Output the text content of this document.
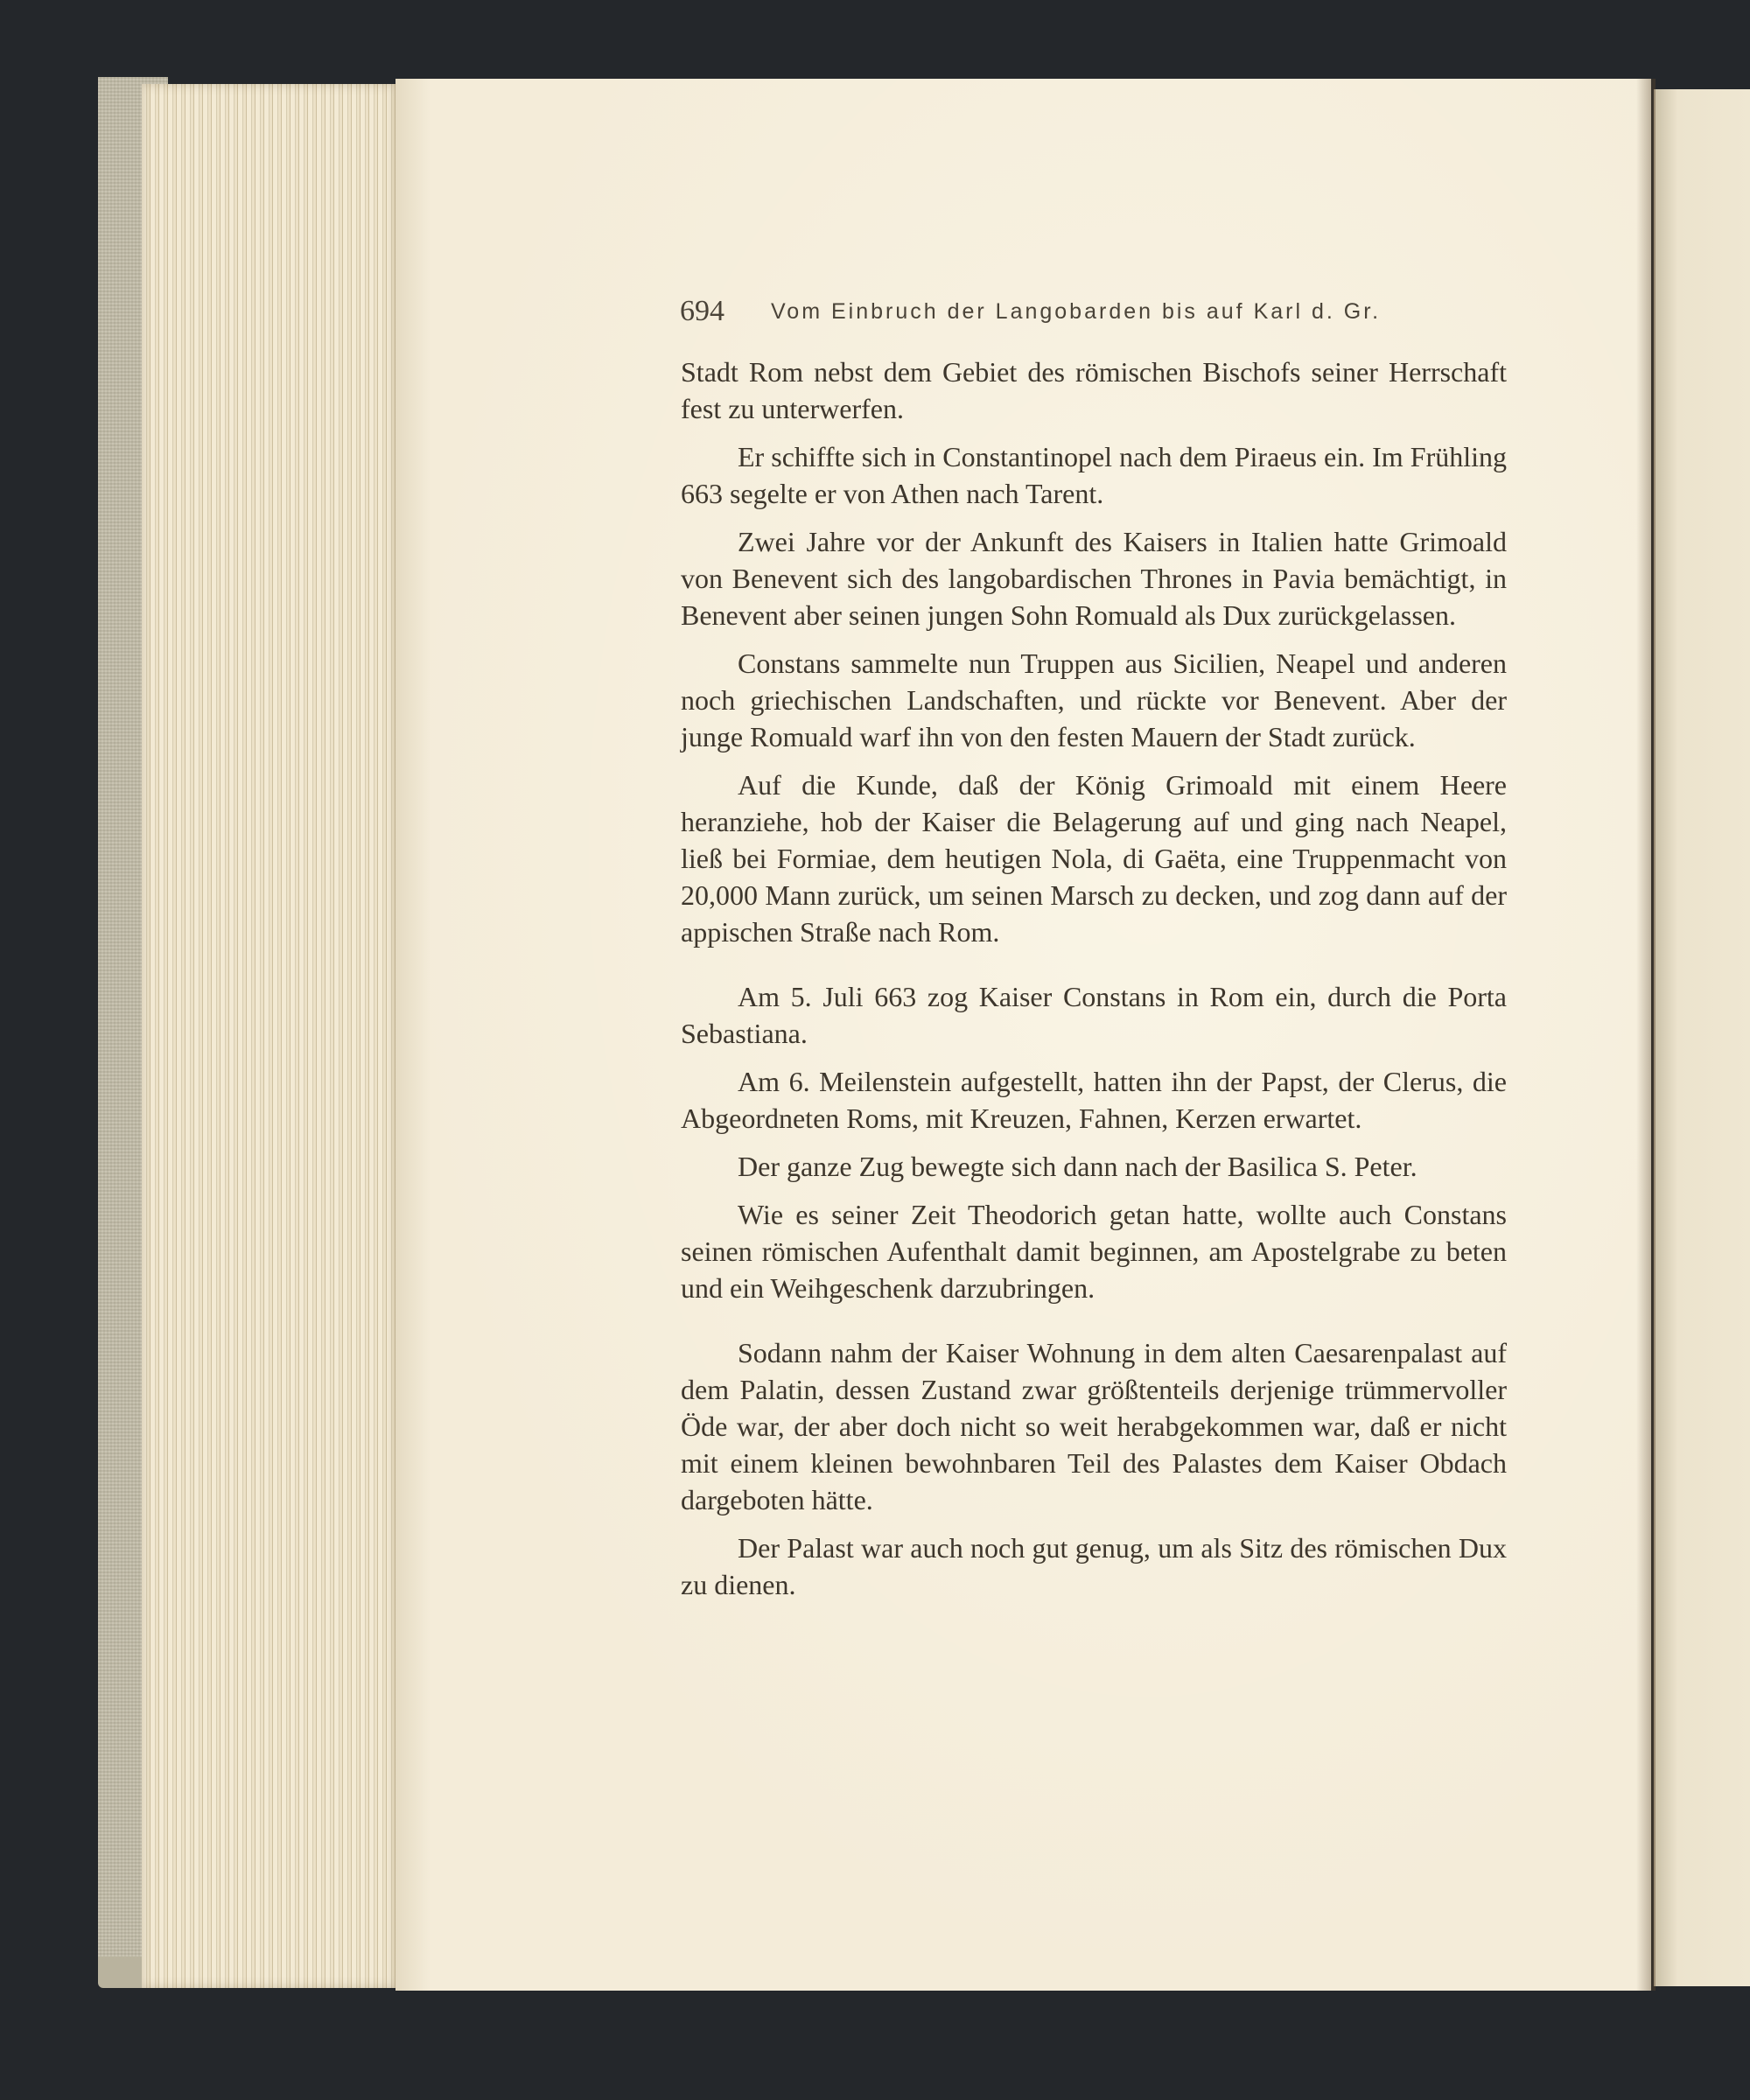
694 Vom Einbruch der Langobarden bis auf Karl d. Gr.

Stadt Rom nebst dem Gebiet des römischen Bischofs seiner Herrschaft fest zu unterwerfen.

Er schiffte sich in Constantinopel nach dem Piraeus ein. Im Frühling 663 segelte er von Athen nach Tarent.

Zwei Jahre vor der Ankunft des Kaisers in Italien hatte Grimoald von Benevent sich des langobardischen Thrones in Pavia bemächtigt, in Benevent aber seinen jungen Sohn Romuald als Dux zurückgelassen.

Constans sammelte nun Truppen aus Sicilien, Neapel und anderen noch griechischen Landschaften, und rückte vor Benevent. Aber der junge Romuald warf ihn von den festen Mauern der Stadt zurück.

Auf die Kunde, daß der König Grimoald mit einem Heere heranziehe, hob der Kaiser die Belagerung auf und ging nach Neapel, ließ bei Formiae, dem heutigen Nola, di Gaëta, eine Truppenmacht von 20,000 Mann zurück, um seinen Marsch zu decken, und zog dann auf der appischen Straße nach Rom.

Am 5. Juli 663 zog Kaiser Constans in Rom ein, durch die Porta Sebastiana.

Am 6. Meilenstein aufgestellt, hatten ihn der Papst, der Clerus, die Abgeordneten Roms, mit Kreuzen, Fahnen, Kerzen erwartet.

Der ganze Zug bewegte sich dann nach der Basilica S. Peter.

Wie es seiner Zeit Theodorich getan hatte, wollte auch Constans seinen römischen Aufenthalt damit beginnen, am Apostelgrabe zu beten und ein Weihgeschenk darzubringen.

Sodann nahm der Kaiser Wohnung in dem alten Caesarenpalast auf dem Palatin, dessen Zustand zwar größtenteils derjenige trümmervoller Öde war, der aber doch nicht so weit herabgekommen war, daß er nicht mit einem kleinen bewohnbaren Teil des Palastes dem Kaiser Obdach dargeboten hätte.

Der Palast war auch noch gut genug, um als Sitz des römischen Dux zu dienen.
